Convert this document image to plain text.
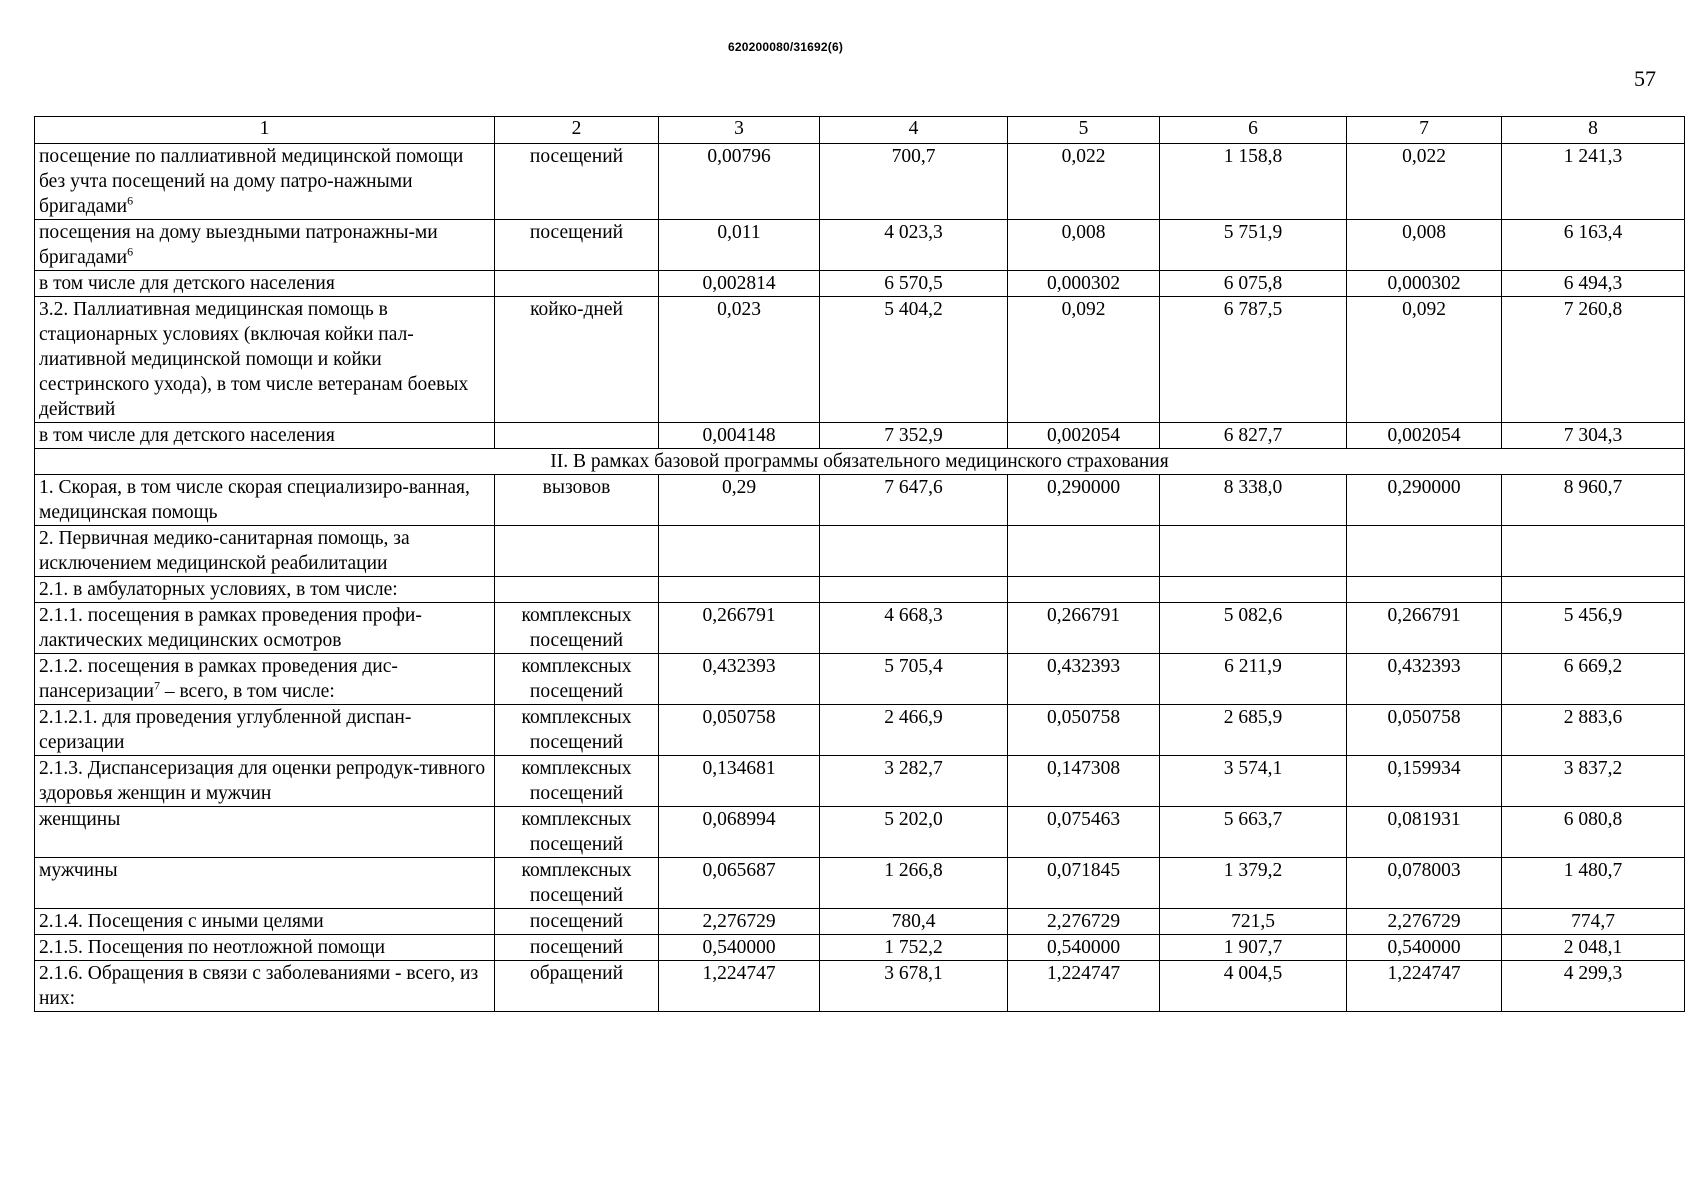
620200080/31692(6)
57
1	2	3	4	5	6	7	8
посещение по паллиативной медицинской помощи без учта посещений на дому патро-нажными бригадами$^6$	посещений	0,00796	700,7	0,022	1 158,8	0,022	1 241,3
посещения на дому выездными патронажны-ми бригадами$^6$	посещений	0,011	4 023,3	0,008	5 751,9	0,008	6 163,4
в том числе для детского населения		0,002814	6 570,5	0,000302	6 075,8	0,000302	6 494,3
3.2. Паллиативная медицинская помощь в стационарных условиях (включая койки пал-лиативной медицинской помощи и койки сестринского ухода), в том числе ветеранам боевых действий	койко-дней	0,023	5 404,2	0,092	6 787,5	0,092	7 260,8
в том числе для детского населения		0,004148	7 352,9	0,002054	6 827,7	0,002054	7 304,3
II. В рамках базовой программы обязательного медицинского страхования							
1. Скорая, в том числе скорая специализиро-ванная, медицинская помощь	вызовов	0,29	7 647,6	0,290000	8 338,0	0,290000	8 960,7
2. Первичная медико-санитарная помощь, за исключением медицинской реабилитации							
2.1. в амбулаторных условиях, в том числе:							
2.1.1. посещения в рамках проведения профи-лактических медицинских осмотров	комплексных посещений	0,266791	4 668,3	0,266791	5 082,6	0,266791	5 456,9
2.1.2. посещения в рамках проведения дис-пансеризации$^7$ – всего, в том числе:	комплексных посещений	0,432393	5 705,4	0,432393	6 211,9	0,432393	6 669,2
2.1.2.1. для проведения углубленной диспан-серизации	комплексных посещений	0,050758	2 466,9	0,050758	2 685,9	0,050758	2 883,6
2.1.3. Диспансеризация для оценки репродук-тивного здоровья женщин и мужчин	комплексных посещений	0,134681	3 282,7	0,147308	3 574,1	0,159934	3 837,2
женщины	комплексных посещений	0,068994	5 202,0	0,075463	5 663,7	0,081931	6 080,8
мужчины	комплексных посещений	0,065687	1 266,8	0,071845	1 379,2	0,078003	1 480,7
2.1.4. Посещения с иными целями	посещений	2,276729	780,4	2,276729	721,5	2,276729	774,7
2.1.5. Посещения по неотложной помощи	посещений	0,540000	1 752,2	0,540000	1 907,7	0,540000	2 048,1
2.1.6. Обращения в связи с заболеваниями - всего, из них:	обращений	1,224747	3 678,1	1,224747	4 004,5	1,224747	4 299,3
